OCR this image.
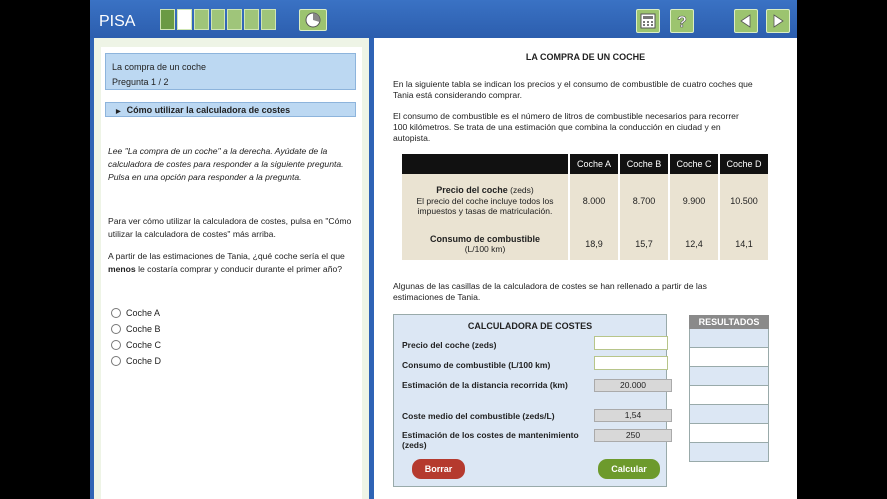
PISA	?
La compra de un coche
Pregunta 1 / 2
▶ Cómo utilizar la calculadora de costes
Lee "La compra de un coche" a la derecha. Ayúdate de la calculadora de costes para responder a la siguiente pregunta. Pulsa en una opción para responder a la pregunta.
Para ver cómo utilizar la calculadora de costes, pulsa en "Cómo utilizar la calculadora de costes" más arriba.
A partir de las estimaciones de Tania, ¿qué coche sería el que menos le costaría comprar y conducir durante el primer año?
Coche A
Coche B
Coche C
Coche D
LA COMPRA DE UN COCHE
En la siguiente tabla se indican los precios y el consumo de combustible de cuatro coches que Tania está considerando comprar.
El consumo de combustible es el número de litros de combustible necesarios para recorrer 100 kilómetros. Se trata de una estimación que combina la conducción en ciudad y en autopista.
	Coche A	Coche B	Coche C	Coche D
Precio del coche (zeds)
El precio del coche incluye todos los impuestos y tasas de matriculación.	8.000	8.700	9.900	10.500
Consumo de combustible
(L/100 km)	18,9	15,7	12,4	14,1
Algunas de las casillas de la calculadora de costes se han rellenado a partir de las estimaciones de Tania.
CALCULADORA DE COSTES
Precio del coche (zeds)
Consumo de combustible (L/100 km)
Estimación de la distancia recorrida (km)	20.000
Coste medio del combustible (zeds/L)	1,54
Estimación de los costes de mantenimiento (zeds)
250
Borrar	Calcular
RESULTADOS
